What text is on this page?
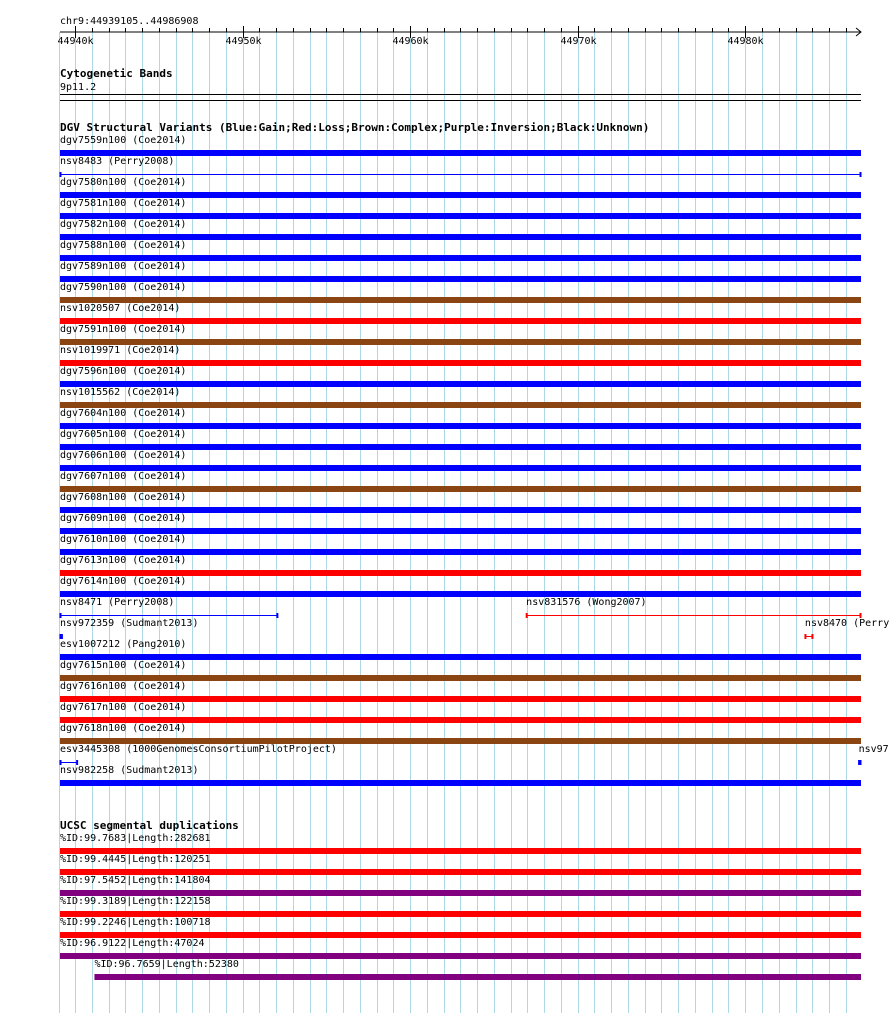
chr9:44939105..44986908
44940k	44950k	44960k	44970k	44980k
Cytogenetic Bands
9p11.2
DGV Structural Variants (Blue:Gain;Red:Loss;Brown:Complex;Purple:Inversion;Black:Unknown)
dgv7559n100 (Coe2014)
nsv8483 (Perry2008)
dgv7580n100 (Coe2014)
dgv7581n100 (Coe2014)
dgv7582n100 (Coe2014)
dgv7588n100 (Coe2014)
dgv7589n100 (Coe2014)
dgv7590n100 (Coe2014)
nsv1020507 (Coe2014)
dgv7591n100 (Coe2014)
nsv1019971 (Coe2014)
dgv7596n100 (Coe2014)
nsv1015562 (Coe2014)
dgv7604n100 (Coe2014)
dgv7605n100 (Coe2014)
dgv7606n100 (Coe2014)
dgv7607n100 (Coe2014)
dgv7608n100 (Coe2014)
dgv7609n100 (Coe2014)
dgv7610n100 (Coe2014)
dgv7613n100 (Coe2014)
dgv7614n100 (Coe2014)
nsv8471 (Perry2008)	nsv831576 (Wong2007)
nsv972359 (Sudmant2013)	nsv8470 (Perry
esv1007212 (Pang2010)
dgv7615n100 (Coe2014)
dgv7616n100 (Coe2014)
dgv7617n100 (Coe2014)
dgv7618n100 (Coe2014)
esv3445308 (1000GenomesConsortiumPilotProject)	nsv97
nsv982258 (Sudmant2013)
UCSC segmental duplications
%ID:99.7683|Length:282681
%ID:99.4445|Length:120251
%ID:97.5452|Length:141804
%ID:99.3189|Length:122158
%ID:99.2246|Length:100718
%ID:96.9122|Length:47024
%ID:96.7659|Length:52380
